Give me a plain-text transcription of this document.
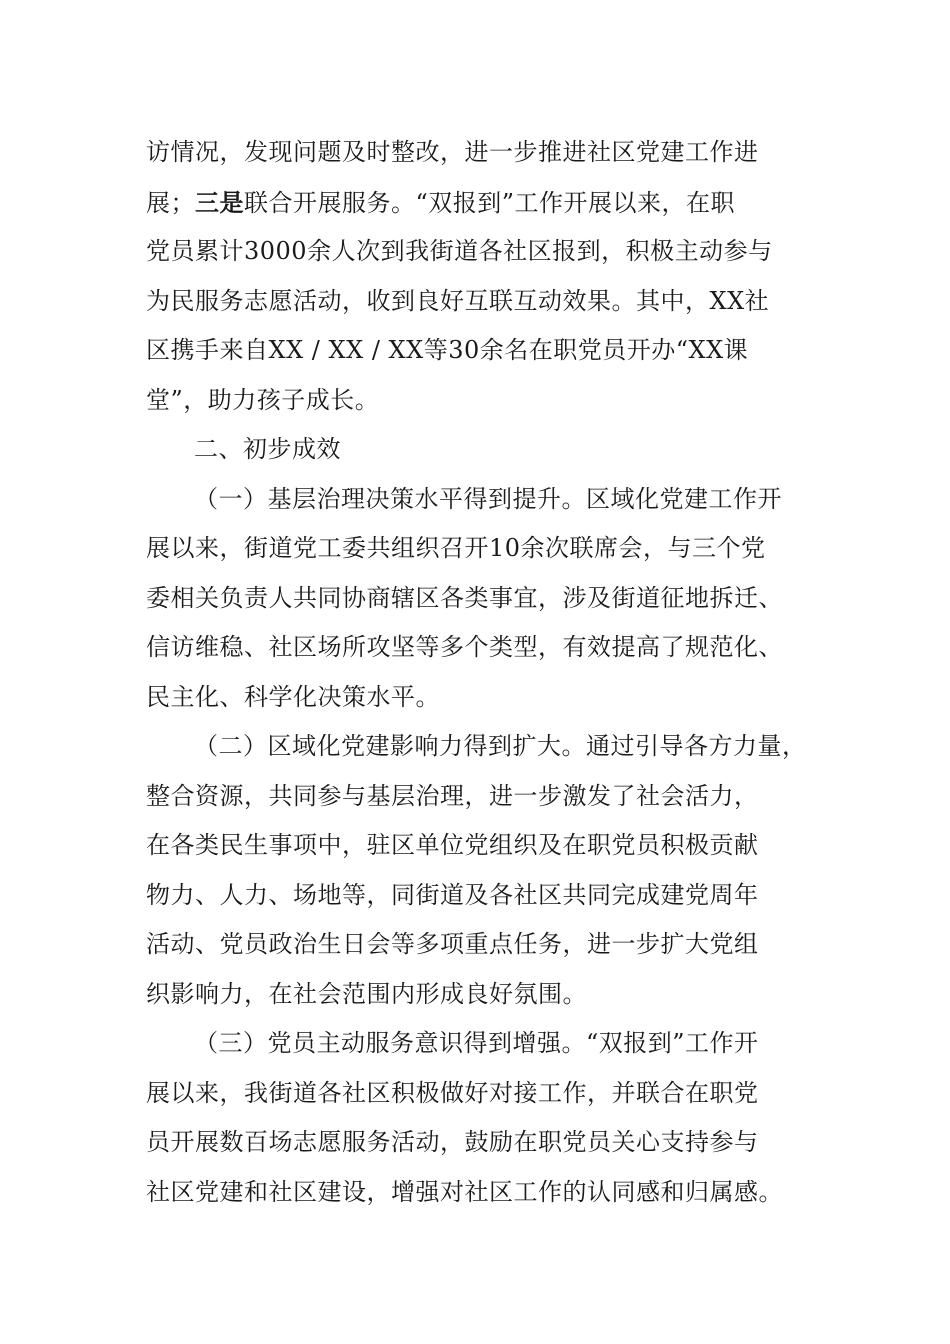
访情况，发现问题及时整改，进一步推进社区党建工作进
展；三是联合开展服务。“双报到”工作开展以来，在职
党员累计3000余人次到我街道各社区报到，积极主动参与
为民服务志愿活动，收到良好互联互动效果。其中，XX社
区携手来自XX / XX / XX等30余名在职党员开办“XX课
堂”，助力孩子成长。
二、初步成效
（一）基层治理决策水平得到提升。区域化党建工作开
展以来，街道党工委共组织召开10余次联席会，与三个党
委相关负责人共同协商辖区各类事宜，涉及街道征地拆迁、
信访维稳、社区场所攻坚等多个类型，有效提高了规范化、
民主化、科学化决策水平。
（二）区域化党建影响力得到扩大。通过引导各方力量，
整合资源，共同参与基层治理，进一步激发了社会活力，
在各类民生事项中，驻区单位党组织及在职党员积极贡献
物力、人力、场地等，同街道及各社区共同完成建党周年
活动、党员政治生日会等多项重点任务，进一步扩大党组
织影响力，在社会范围内形成良好氛围。
（三）党员主动服务意识得到增强。“双报到”工作开
展以来，我街道各社区积极做好对接工作，并联合在职党
员开展数百场志愿服务活动，鼓励在职党员关心支持参与
社区党建和社区建设，增强对社区工作的认同感和归属感。
